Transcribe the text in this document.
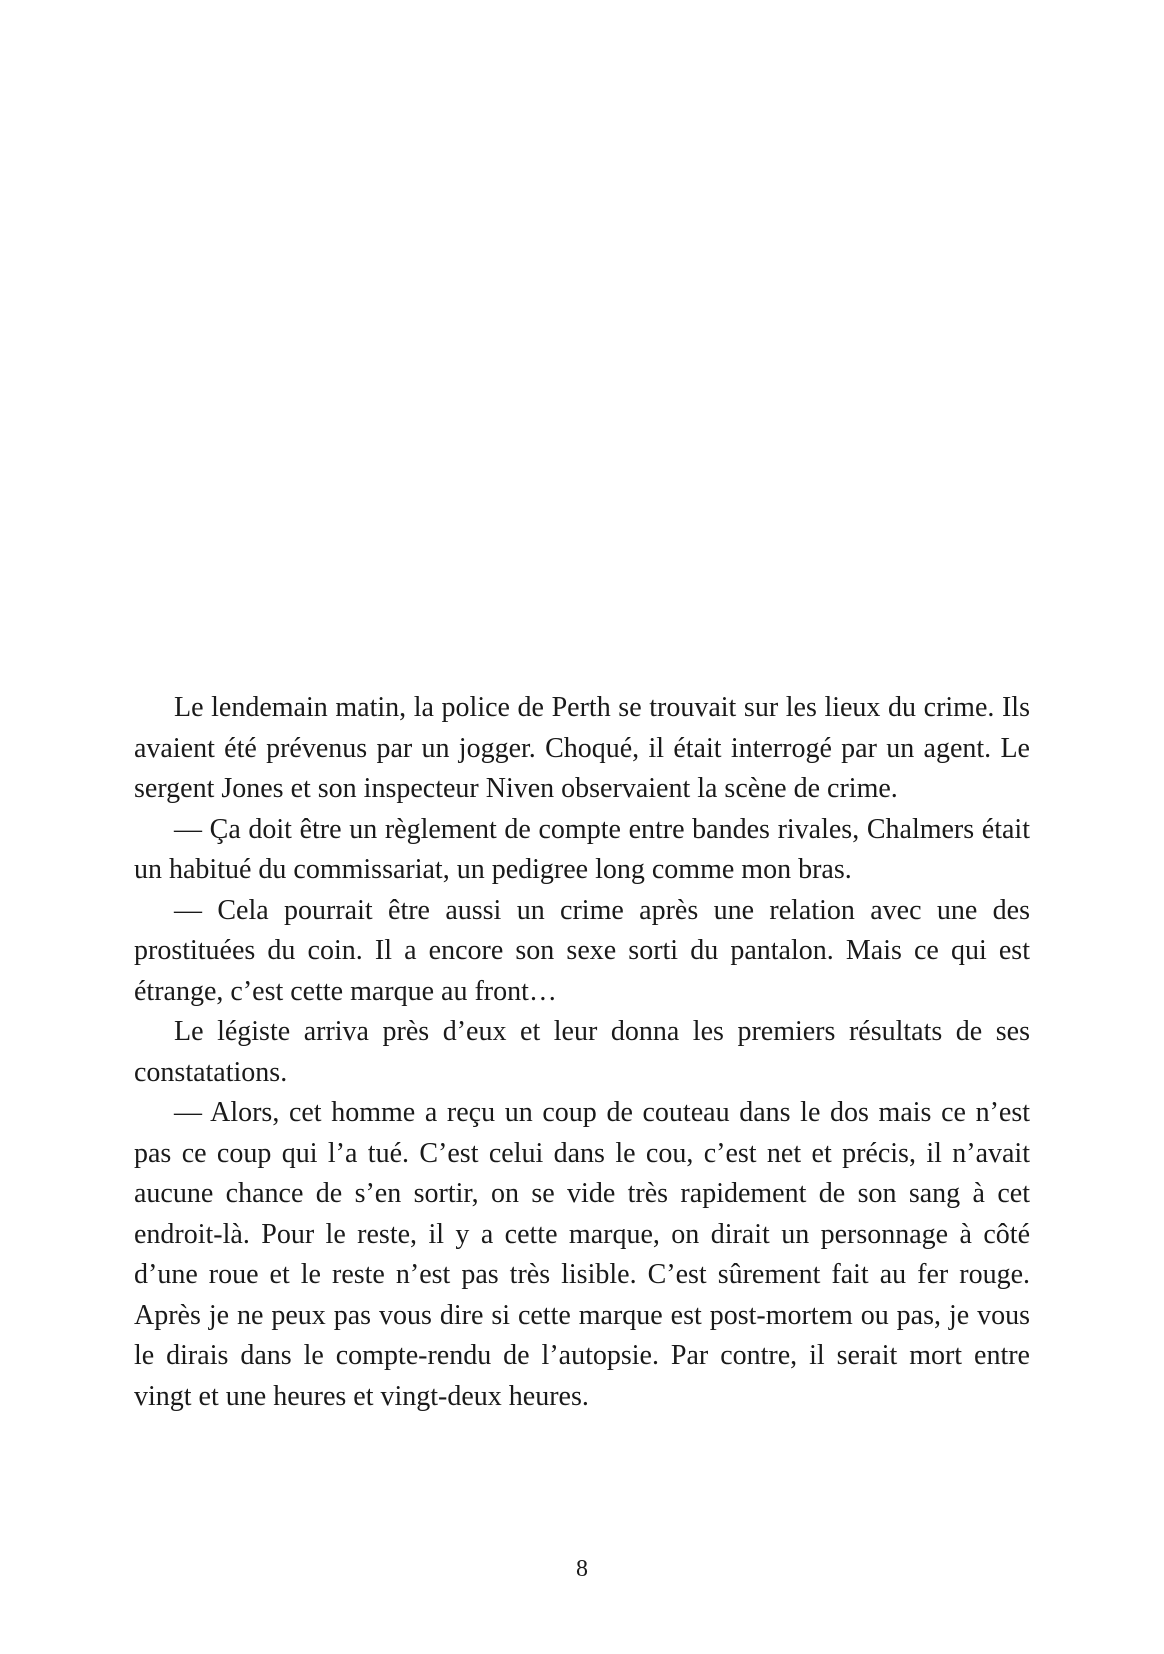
Le lendemain matin, la police de Perth se trouvait sur les lieux du crime. Ils avaient été prévenus par un jogger. Choqué, il était interrogé par un agent. Le sergent Jones et son inspecteur Niven observaient la scène de crime.

— Ça doit être un règlement de compte entre bandes rivales, Chalmers était un habitué du commissariat, un pedigree long comme mon bras.

— Cela pourrait être aussi un crime après une relation avec une des prostituées du coin. Il a encore son sexe sorti du pantalon. Mais ce qui est étrange, c’est cette marque au front…

Le légiste arriva près d’eux et leur donna les premiers résultats de ses constatations.

— Alors, cet homme a reçu un coup de couteau dans le dos mais ce n’est pas ce coup qui l’a tué. C’est celui dans le cou, c’est net et précis, il n’avait aucune chance de s’en sortir, on se vide très rapidement de son sang à cet endroit-là. Pour le reste, il y a cette marque, on dirait un personnage à côté d’une roue et le reste n’est pas très lisible. C’est sûrement fait au fer rouge. Après je ne peux pas vous dire si cette marque est post-mortem ou pas, je vous le dirais dans le compte-rendu de l’autopsie. Par contre, il serait mort entre vingt et une heures et vingt-deux heures.

8
